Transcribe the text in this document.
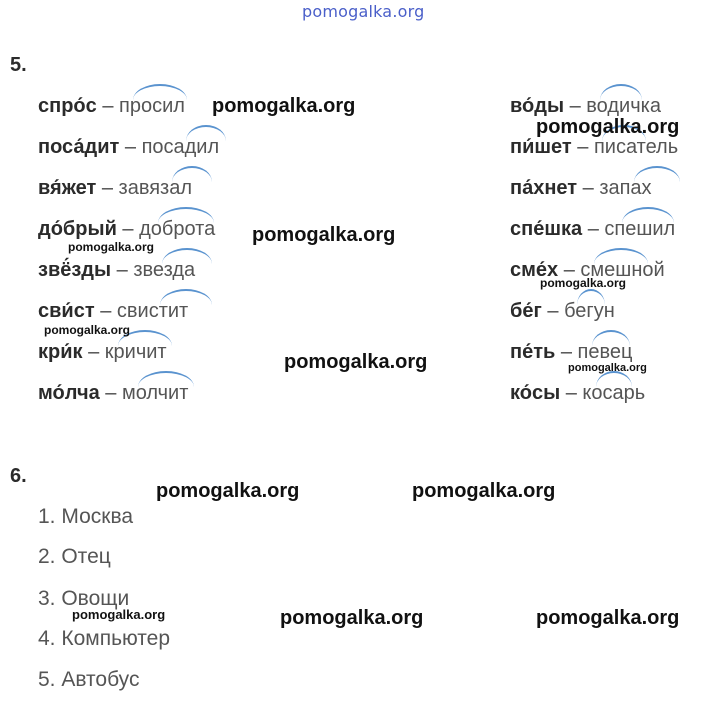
pomogalka.org
5.
спро́с – просил
поса́дит – посадил
вя́жет – завязал
до́брый – доброта
звё́зды – звезда
сви́ст – свистит
кри́к – кричит
мо́лча – молчит
во́ды – водичка
пи́шет – писатель
па́хнет – запах
спе́шка – спешил
сме́х – смешной
бе́г – бегун
пе́ть – певец
ко́сы – косарь
pomogalka.org
pomogalka.org
pomogalka.org
pomogalka.org
pomogalka.org
pomogalka.org
pomogalka.org	pomogalka.org
6.
pomogalka.org	pomogalka.org
1. Москва
2. Отец
3. Овощи
4. Компьютер
5. Автобус
pomogalka.org	pomogalka.org	pomogalka.org
